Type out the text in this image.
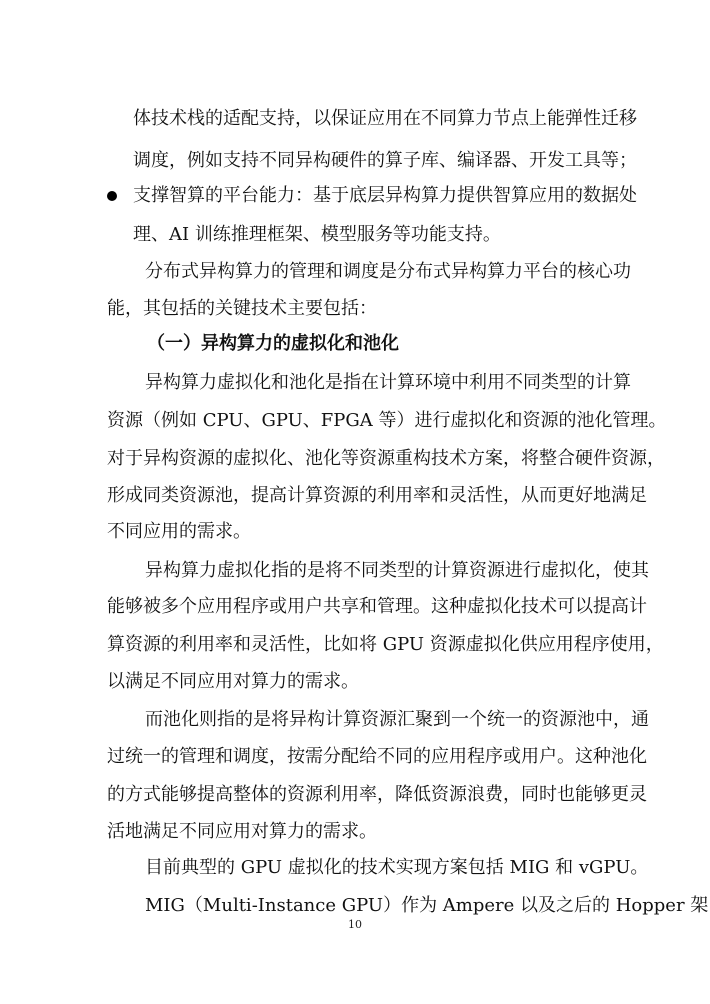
体技术栈的适配支持，以保证应用在不同算力节点上能弹性迁移
调度，例如支持不同异构硬件的算子库、编译器、开发工具等；
支撑智算的平台能力：基于底层异构算力提供智算应用的数据处
理、AI 训练推理框架、模型服务等功能支持。
分布式异构算力的管理和调度是分布式异构算力平台的核心功
能，其包括的关键技术主要包括：
（一）异构算力的虚拟化和池化
异构算力虚拟化和池化是指在计算环境中利用不同类型的计算
资源（例如 CPU、GPU、FPGA 等）进行虚拟化和资源的池化管理。
对于异构资源的虚拟化、池化等资源重构技术方案，将整合硬件资源，
形成同类资源池，提高计算资源的利用率和灵活性，从而更好地满足
不同应用的需求。
异构算力虚拟化指的是将不同类型的计算资源进行虚拟化，使其
能够被多个应用程序或用户共享和管理。这种虚拟化技术可以提高计
算资源的利用率和灵活性，比如将 GPU 资源虚拟化供应用程序使用，
以满足不同应用对算力的需求。
而池化则指的是将异构计算资源汇聚到一个统一的资源池中，通
过统一的管理和调度，按需分配给不同的应用程序或用户。这种池化
的方式能够提高整体的资源利用率，降低资源浪费，同时也能够更灵
活地满足不同应用对算力的需求。
目前典型的 GPU 虚拟化的技术实现方案包括 MIG 和 vGPU。
MIG（Multi-Instance GPU）作为 Ampere 以及之后的 Hopper 架
10
